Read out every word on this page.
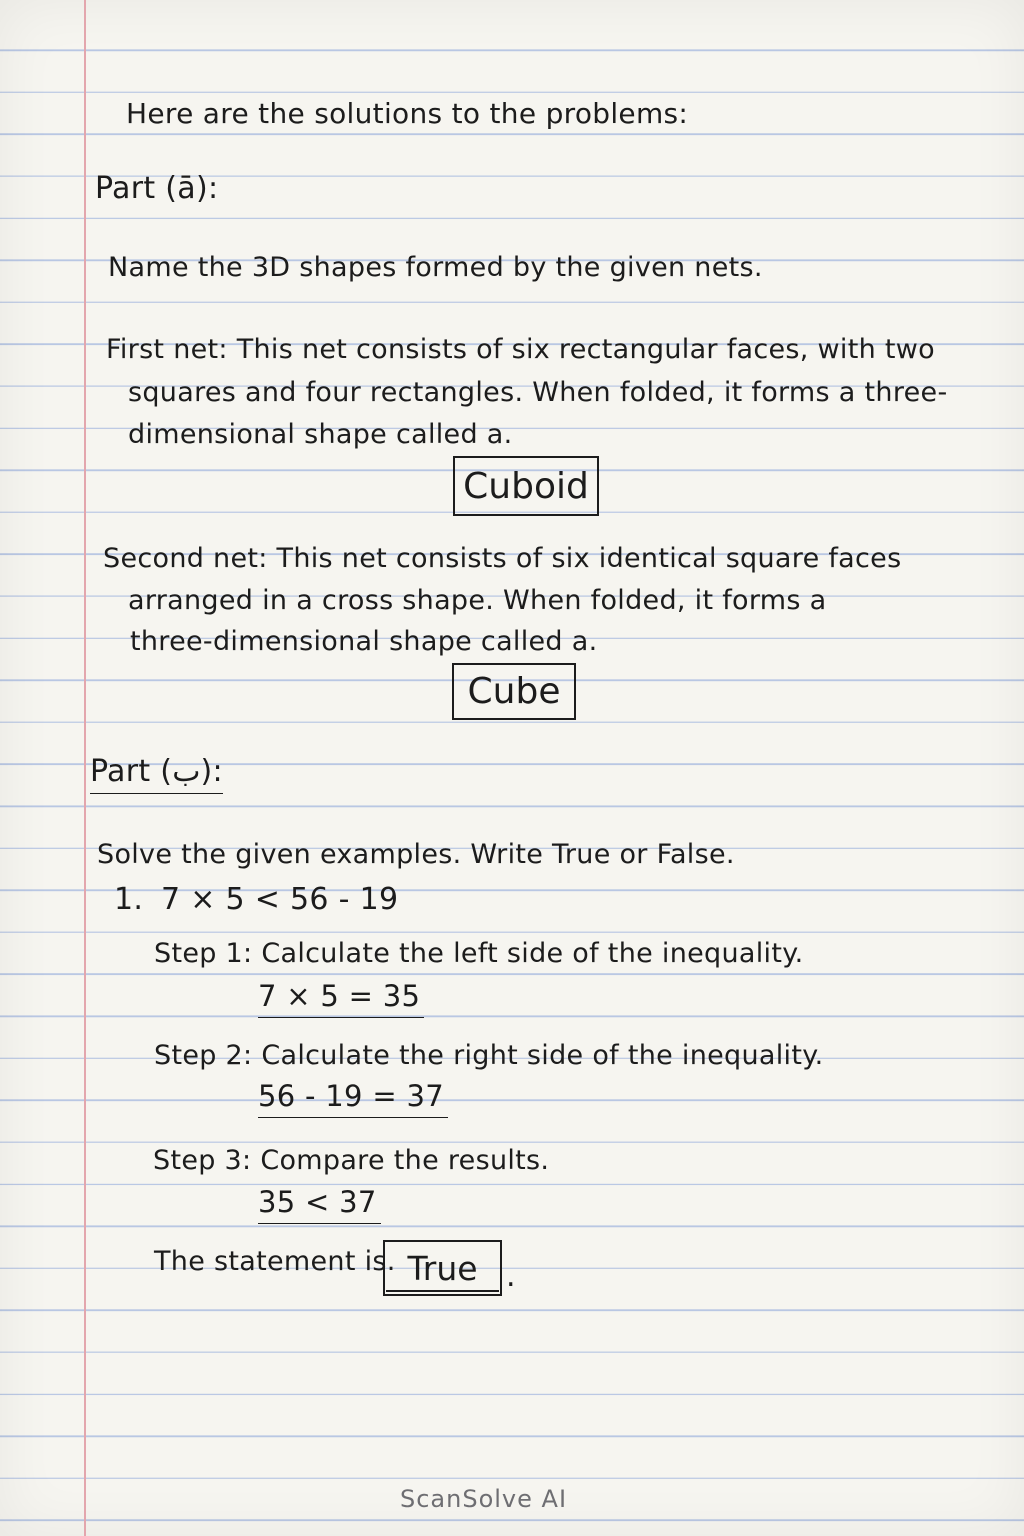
Here are the solutions to the problems:
Part (ā):
Name the 3D shapes formed by the given nets.
First net: This net consists of six rectangular faces, with two
squares and four rectangles. When folded, it forms a three-
dimensional shape called a.
Cuboid
Second net: This net consists of six identical square faces
arranged in a cross shape. When folded, it forms a
three-dimensional shape called a.
Cube
Part (ب):
Solve the given examples. Write True or False.
1. 7 × 5 < 56 - 19
Step 1: Calculate the left side of the inequality.
7 × 5 = 35
Step 2: Calculate the right side of the inequality.
56 - 19 = 37
Step 3: Compare the results.
35 < 37
The statement is. True .
ScanSolve AI
